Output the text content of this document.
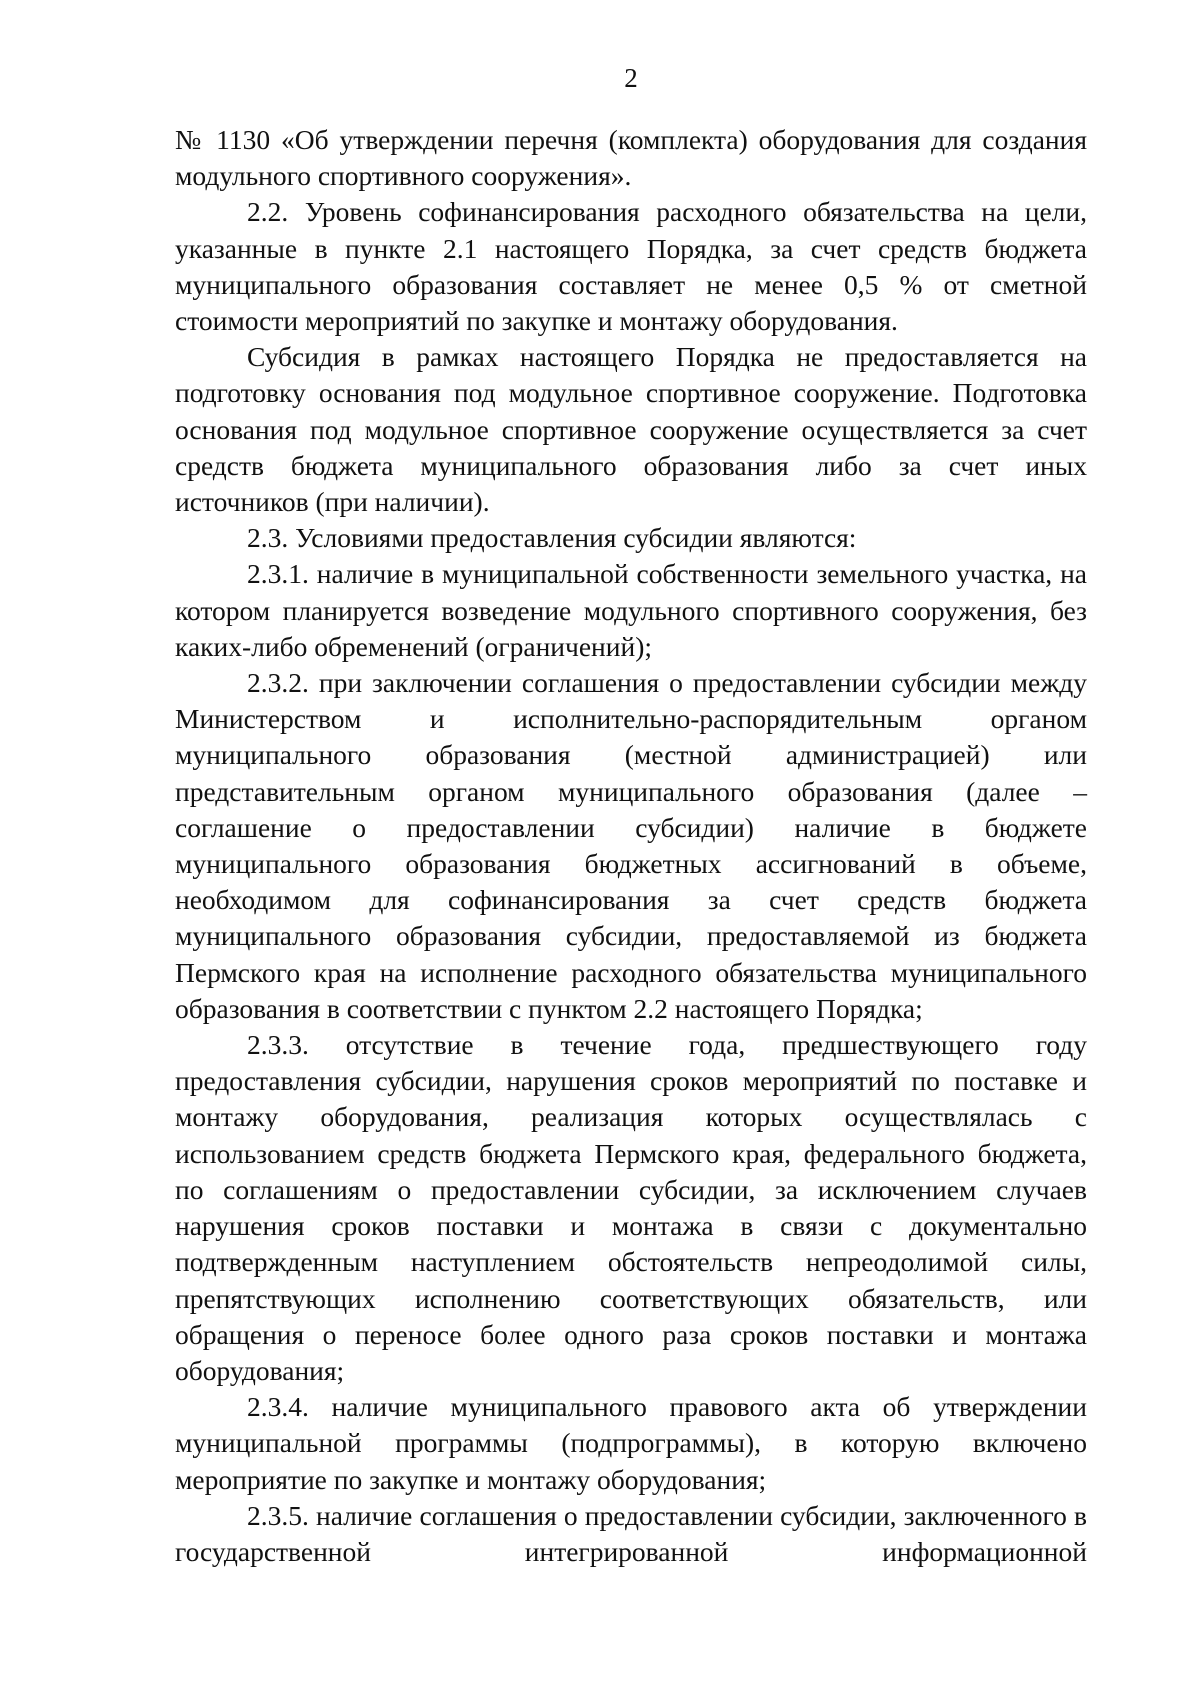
2

№ 1130 «Об утверждении перечня (комплекта) оборудования для создания модульного спортивного сооружения».

2.2. Уровень софинансирования расходного обязательства на цели, указанные в пункте 2.1 настоящего Порядка, за счет средств бюджета муниципального образования составляет не менее 0,5 % от сметной стоимости мероприятий по закупке и монтажу оборудования.

Субсидия в рамках настоящего Порядка не предоставляется на подготовку основания под модульное спортивное сооружение. Подготовка основания под модульное спортивное сооружение осуществляется за счет средств бюджета муниципального образования либо за счет иных источников (при наличии).

2.3. Условиями предоставления субсидии являются:

2.3.1. наличие в муниципальной собственности земельного участка, на котором планируется возведение модульного спортивного сооружения, без каких-либо обременений (ограничений);

2.3.2. при заключении соглашения о предоставлении субсидии между Министерством и исполнительно-распорядительным органом муниципального образования (местной администрацией) или представительным органом муниципального образования (далее – соглашение о предоставлении субсидии) наличие в бюджете муниципального образования бюджетных ассигнований в объеме, необходимом для софинансирования за счет средств бюджета муниципального образования субсидии, предоставляемой из бюджета Пермского края на исполнение расходного обязательства муниципального образования в соответствии с пунктом 2.2 настоящего Порядка;

2.3.3. отсутствие в течение года, предшествующего году предоставления субсидии, нарушения сроков мероприятий по поставке и монтажу оборудования, реализация которых осуществлялась с использованием средств бюджета Пермского края, федерального бюджета, по соглашениям о предоставлении субсидии, за исключением случаев нарушения сроков поставки и монтажа в связи с документально подтвержденным наступлением обстоятельств непреодолимой силы, препятствующих исполнению соответствующих обязательств, или обращения о переносе более одного раза сроков поставки и монтажа оборудования;

2.3.4. наличие муниципального правового акта об утверждении муниципальной программы (подпрограммы), в которую включено мероприятие по закупке и монтажу оборудования;

2.3.5. наличие соглашения о предоставлении субсидии, заключенного в государственной интегрированной информационной
